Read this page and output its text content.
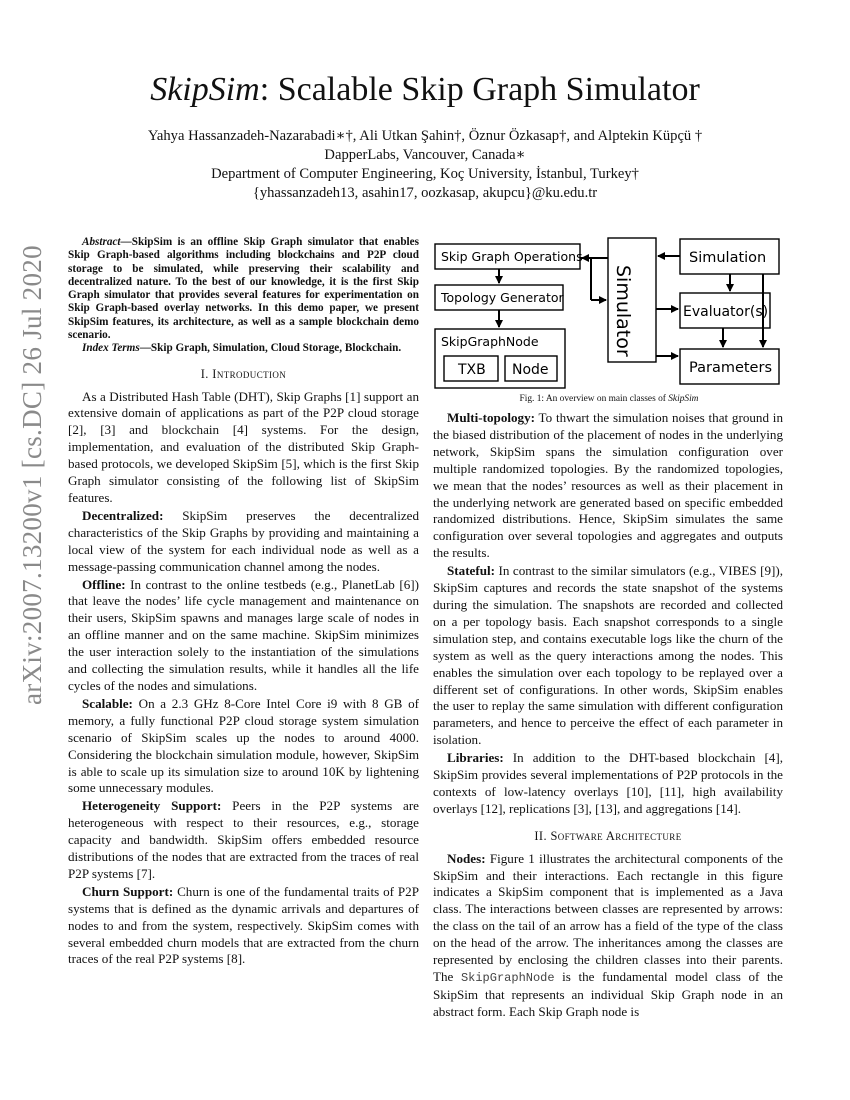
arXiv:2007.13200v1 [cs.DC] 26 Jul 2020
SkipSim: Scalable Skip Graph Simulator
Yahya Hassanzadeh-Nazarabadi∗†, Ali Utkan Şahin†, Öznur Özkasap†, and Alptekin Küpçü †
DapperLabs, Vancouver, Canada∗
Department of Computer Engineering, Koç University, İstanbul, Turkey†
{yhassanzadeh13, asahin17, oozkasap, akupcu}@ku.edu.tr

Abstract—SkipSim is an offline Skip Graph simulator that enables Skip Graph-based algorithms including blockchains and P2P cloud storage to be simulated, while preserving their scalability and decentralized nature. To the best of our knowledge, it is the first Skip Graph simulator that provides several features for experimentation on Skip Graph-based overlay networks. In this demo paper, we present SkipSim features, its architecture, as well as a sample blockchain demo scenario.

Index Terms—Skip Graph, Simulation, Cloud Storage, Blockchain.

I. Introduction

As a Distributed Hash Table (DHT), Skip Graphs [1] support an extensive domain of applications as part of the P2P cloud storage [2], [3] and blockchain [4] systems. For the design, implementation, and evaluation of the distributed Skip Graph-based protocols, we developed SkipSim [5], which is the first Skip Graph simulator consisting of the following list of SkipSim features.

Decentralized: SkipSim preserves the decentralized characteristics of the Skip Graphs by providing and maintaining a local view of the system for each individual node as well as a message-passing communication channel among the nodes.

Offline: In contrast to the online testbeds (e.g., PlanetLab [6]) that leave the nodes’ life cycle management and maintenance on their users, SkipSim spawns and manages large scale of nodes in an offline manner and on the same machine. SkipSim minimizes the user interaction solely to the instantiation of the simulations and collecting the simulation results, while it handles all the life cycles of the nodes and simulations.

Scalable: On a 2.3 GHz 8-Core Intel Core i9 with 8 GB of memory, a fully functional P2P cloud storage system simulation scenario of SkipSim scales up the nodes to around 4000. Considering the blockchain simulation module, however, SkipSim is able to scale up its simulation size to around 10K by lightening some unnecessary modules.

Heterogeneity Support: Peers in the P2P systems are heterogeneous with respect to their resources, e.g., storage capacity and bandwidth. SkipSim offers embedded resource distributions of the nodes that are extracted from the traces of real P2P systems [7].

Churn Support: Churn is one of the fundamental traits of P2P systems that is defined as the dynamic arrivals and departures of nodes to and from the system, respectively. SkipSim comes with several embedded churn models that are extracted from the churn traces of the real P2P systems [8].

Skip Graph Operations
Topology Generator
SkipGraphNode
TXB Node
Simulator
Simulation
Evaluator(s)
Parameters
Fig. 1: An overview on main classes of SkipSim

Multi-topology: To thwart the simulation noises that ground in the biased distribution of the placement of nodes in the underlying network, SkipSim spans the simulation configuration over multiple randomized topologies. By the randomized topologies, we mean that the nodes’ resources as well as their placement in the underlying network are generated based on specific embedded randomized distributions. Hence, SkipSim simulates the same configuration over several topologies and aggregates and outputs the results.

Stateful: In contrast to the similar simulators (e.g., VIBES [9]), SkipSim captures and records the state snapshot of the systems during the simulation. The snapshots are recorded and collected on a per topology basis. Each snapshot corresponds to a single simulation step, and contains executable logs like the churn of the system as well as the query interactions among the nodes. This enables the simulation over each topology to be replayed over a different set of configurations. In other words, SkipSim enables the user to replay the same simulation with different configuration parameters, and hence to perceive the effect of each parameter in isolation.

Libraries: In addition to the DHT-based blockchain [4], SkipSim provides several implementations of P2P protocols in the contexts of low-latency overlays [10], [11], high availability overlays [12], replications [3], [13], and aggregations [14].

II. Software Architecture

Nodes: Figure 1 illustrates the architectural components of the SkipSim and their interactions. Each rectangle in this figure indicates a SkipSim component that is implemented as a Java class. The interactions between classes are represented by arrows: the class on the tail of an arrow has a field of the type of the class on the head of the arrow. The inheritances among the classes are represented by enclosing the children classes into their parents. The SkipGraphNode is the fundamental model class of the SkipSim that represents an individual Skip Graph node in an abstract form. Each Skip Graph node is
